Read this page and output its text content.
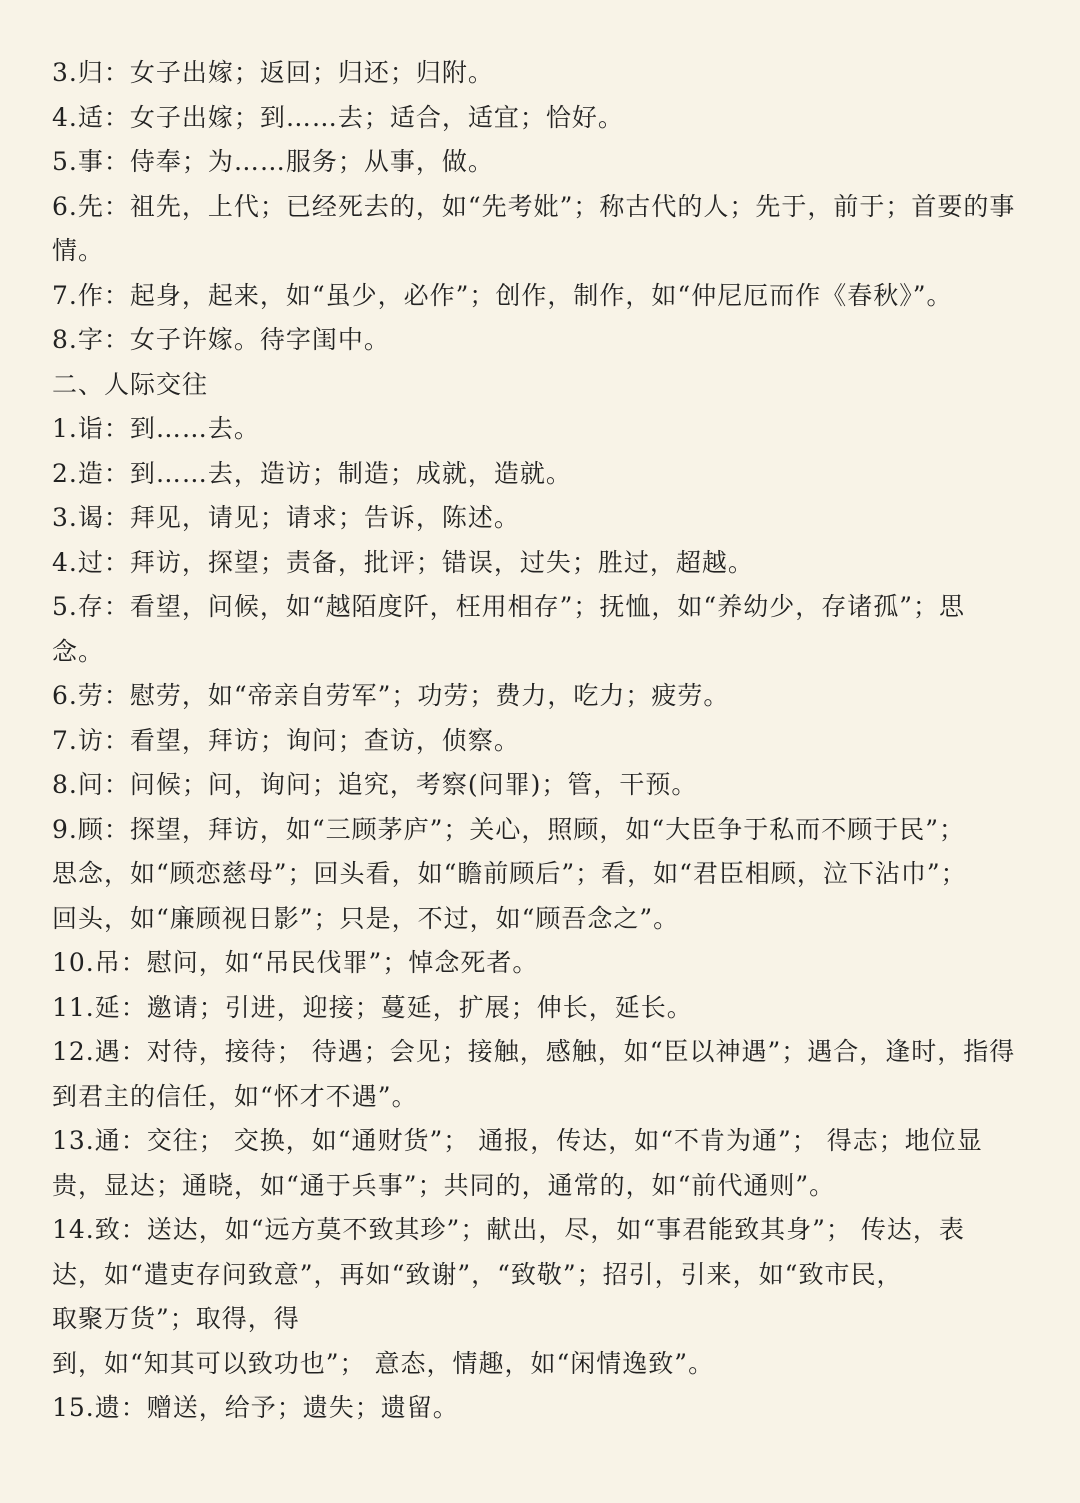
3.归：女子出嫁；返回；归还；归附。
4.适：女子出嫁；到……去；适合，适宜；恰好。
5.事：侍奉；为……服务；从事，做。
6.先：祖先，上代；已经死去的，如“先考妣”；称古代的人；先于，前于；首要的事
情。
7.作：起身，起来，如“虽少，必作”；创作，制作，如“仲尼厄而作《春秋》”。
8.字：女子许嫁。待字闺中。
二、人际交往
1.诣：到……去。
2.造：到……去，造访；制造；成就，造就。
3.谒：拜见，请见；请求；告诉，陈述。
4.过：拜访，探望；责备，批评；错误，过失；胜过，超越。
5.存：看望，问候，如“越陌度阡，枉用相存”；抚恤，如“养幼少，存诸孤”；思
念。
6.劳：慰劳，如“帝亲自劳军”；功劳；费力，吃力；疲劳。
7.访：看望，拜访；询问；查访，侦察。
8.问：问候；问，询问；追究，考察(问罪)；管，干预。
9.顾：探望，拜访，如“三顾茅庐”；关心，照顾，如“大臣争于私而不顾于民”；
思念，如“顾恋慈母”；回头看，如“瞻前顾后”；看，如“君臣相顾，泣下沾巾”；
回头，如“廉顾视日影”；只是，不过，如“顾吾念之”。
10.吊：慰问，如“吊民伐罪”；悼念死者。
11.延：邀请；引进，迎接；蔓延，扩展；伸长，延长。
12.遇：对待，接待； 待遇；会见；接触，感触，如“臣以神遇”；遇合，逢时，指得
到君主的信任，如“怀才不遇”。
13.通：交往； 交换，如“通财货”； 通报，传达，如“不肯为通”； 得志；地位显
贵，显达；通晓，如“通于兵事”；共同的，通常的，如“前代通则”。
14.致：送达，如“远方莫不致其珍”；献出，尽，如“事君能致其身”； 传达，表
达，如“遣吏存问致意”，再如“致谢”，“致敬”；招引，引来，如“致市民，
取聚万货”；取得，得
到，如“知其可以致功也”； 意态，情趣，如“闲情逸致”。
15.遗：赠送，给予；遗失；遗留。
